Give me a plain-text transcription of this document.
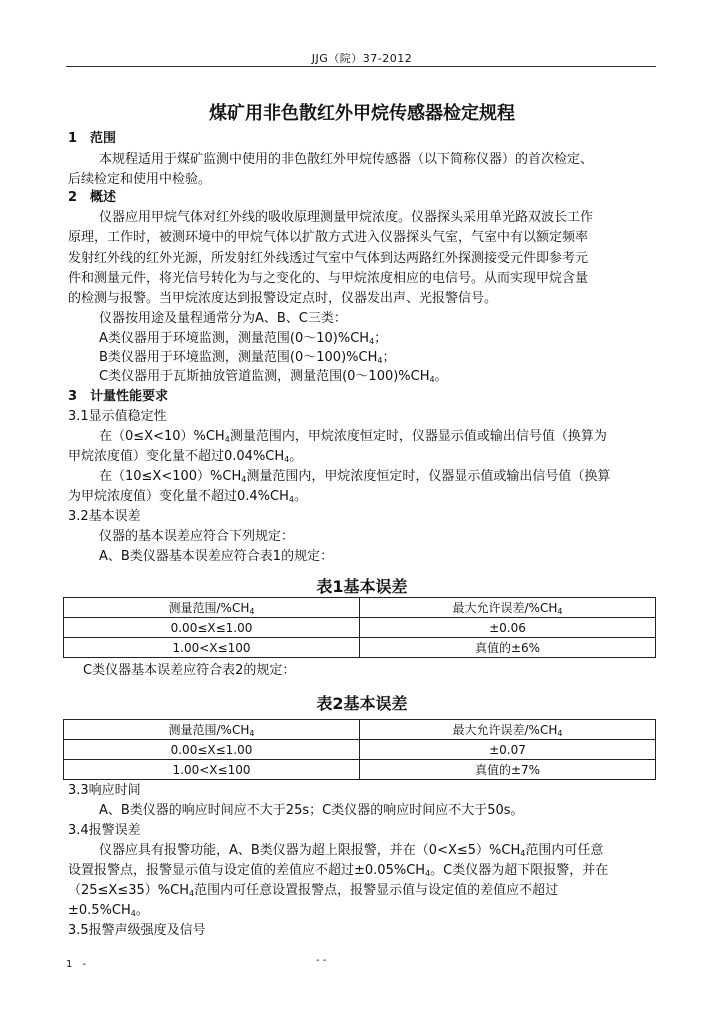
JJG（院）37-2012
煤矿用非色散红外甲烷传感器检定规程
1　范围
本规程适用于煤矿监测中使用的非色散红外甲烷传感器（以下简称仪器）的首次检定、
后续检定和使用中检验。
2　概述
仪器应用甲烷气体对红外线的吸收原理测量甲烷浓度。仪器探头采用单光路双波长工作
原理，工作时，被测环境中的甲烷气体以扩散方式进入仪器探头气室，气室中有以额定频率
发射红外线的红外光源，所发射红外线透过气室中气体到达两路红外探测接受元件即参考元
件和测量元件，将光信号转化为与之变化的、与甲烷浓度相应的电信号。从而实现甲烷含量
的检测与报警。当甲烷浓度达到报警设定点时，仪器发出声、光报警信号。
仪器按用途及量程通常分为A、B、C三类：
A类仪器用于环境监测，测量范围$(0\sim 10)\%CH_4$；
B类仪器用于环境监测，测量范围$(0\sim 100)\%CH_4$；
C类仪器用于瓦斯抽放管道监测，测量范围$(0\sim 100)\%CH_4$。
3　计量性能要求
3.1显示值稳定性
在$(0\le X<10)\%CH_4$测量范围内，甲烷浓度恒定时，仪器显示值或输出信号值（换算为
甲烷浓度值）变化量不超过$0.04\%CH_4$。
在$(10\le X<100)\%CH_4$测量范围内，甲烷浓度恒定时，仪器显示值或输出信号值（换算
为甲烷浓度值）变化量不超过$0.4\%CH_4$。
3.2基本误差
仪器的基本误差应符合下列规定：
A、B类仪器基本误差应符合表1的规定：
表1基本误差
测量范围$/\%CH_4$	最大允许误差$/\%CH_4$
0.00≤X≤1.00	±0.06
1.00<X≤100	真值的±6%
C类仪器基本误差应符合表2的规定：
表2基本误差
测量范围$/\%CH_4$	最大允许误差$/\%CH_4$
0.00≤X≤1.00	±0.07
1.00<X≤100	真值的±7%
3.3响应时间
A、B类仪器的响应时间应不大于25s；C类仪器的响应时间应不大于50s。
3.4报警误差
仪器应具有报警功能，A、B类仪器为超上限报警，并在$(0<X\le 5)\%CH_4$范围内可任意
设置报警点，报警显示值与设定值的差值应不超过$\pm 0.05\%CH_4$。C类仪器为超下限报警，并在
$(25\le X\le 35)\%CH_4$范围内可任意设置报警点，报警显示值与设定值的差值应不超过
$\pm 0.5\%CH_4$。
3.5报警声级强度及信号
1　-	- -
